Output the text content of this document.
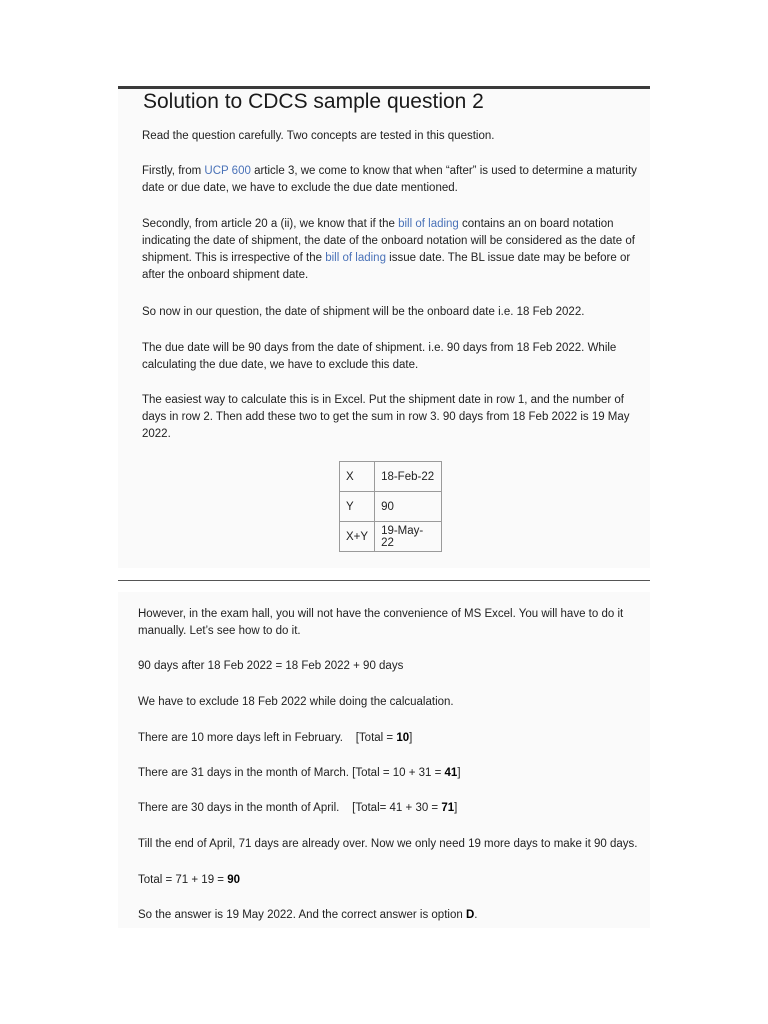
Solution to CDCS sample question 2

Read the question carefully. Two concepts are tested in this question.

Firstly, from UCP 600 article 3, we come to know that when “after” is used to determine a maturity date or due date, we have to exclude the due date mentioned.

Secondly, from article 20 a (ii), we know that if the bill of lading contains an on board notation indicating the date of shipment, the date of the onboard notation will be considered as the date of shipment. This is irrespective of the bill of lading issue date. The BL issue date may be before or after the onboard shipment date.

So now in our question, the date of shipment will be the onboard date i.e. 18 Feb 2022.

The due date will be 90 days from the date of shipment. i.e. 90 days from 18 Feb 2022. While calculating the due date, we have to exclude this date.

The easiest way to calculate this is in Excel. Put the shipment date in row 1, and the number of days in row 2. Then add these two to get the sum in row 3. 90 days from 18 Feb 2022 is 19 May 2022.

X	18-Feb-22
Y	90
X+Y	19-May-22

However, in the exam hall, you will not have the convenience of MS Excel. You will have to do it manually. Let’s see how to do it.

90 days after 18 Feb 2022 = 18 Feb 2022 + 90 days

We have to exclude 18 Feb 2022 while doing the calcualation.

There are 10 more days left in February.    [Total = 10]

There are 31 days in the month of March. [Total = 10 + 31 = 41]

There are 30 days in the month of April.    [Total= 41 + 30 = 71]

Till the end of April, 71 days are already over. Now we only need 19 more days to make it 90 days.

Total = 71 + 19 = 90

So the answer is 19 May 2022. And the correct answer is option D.
